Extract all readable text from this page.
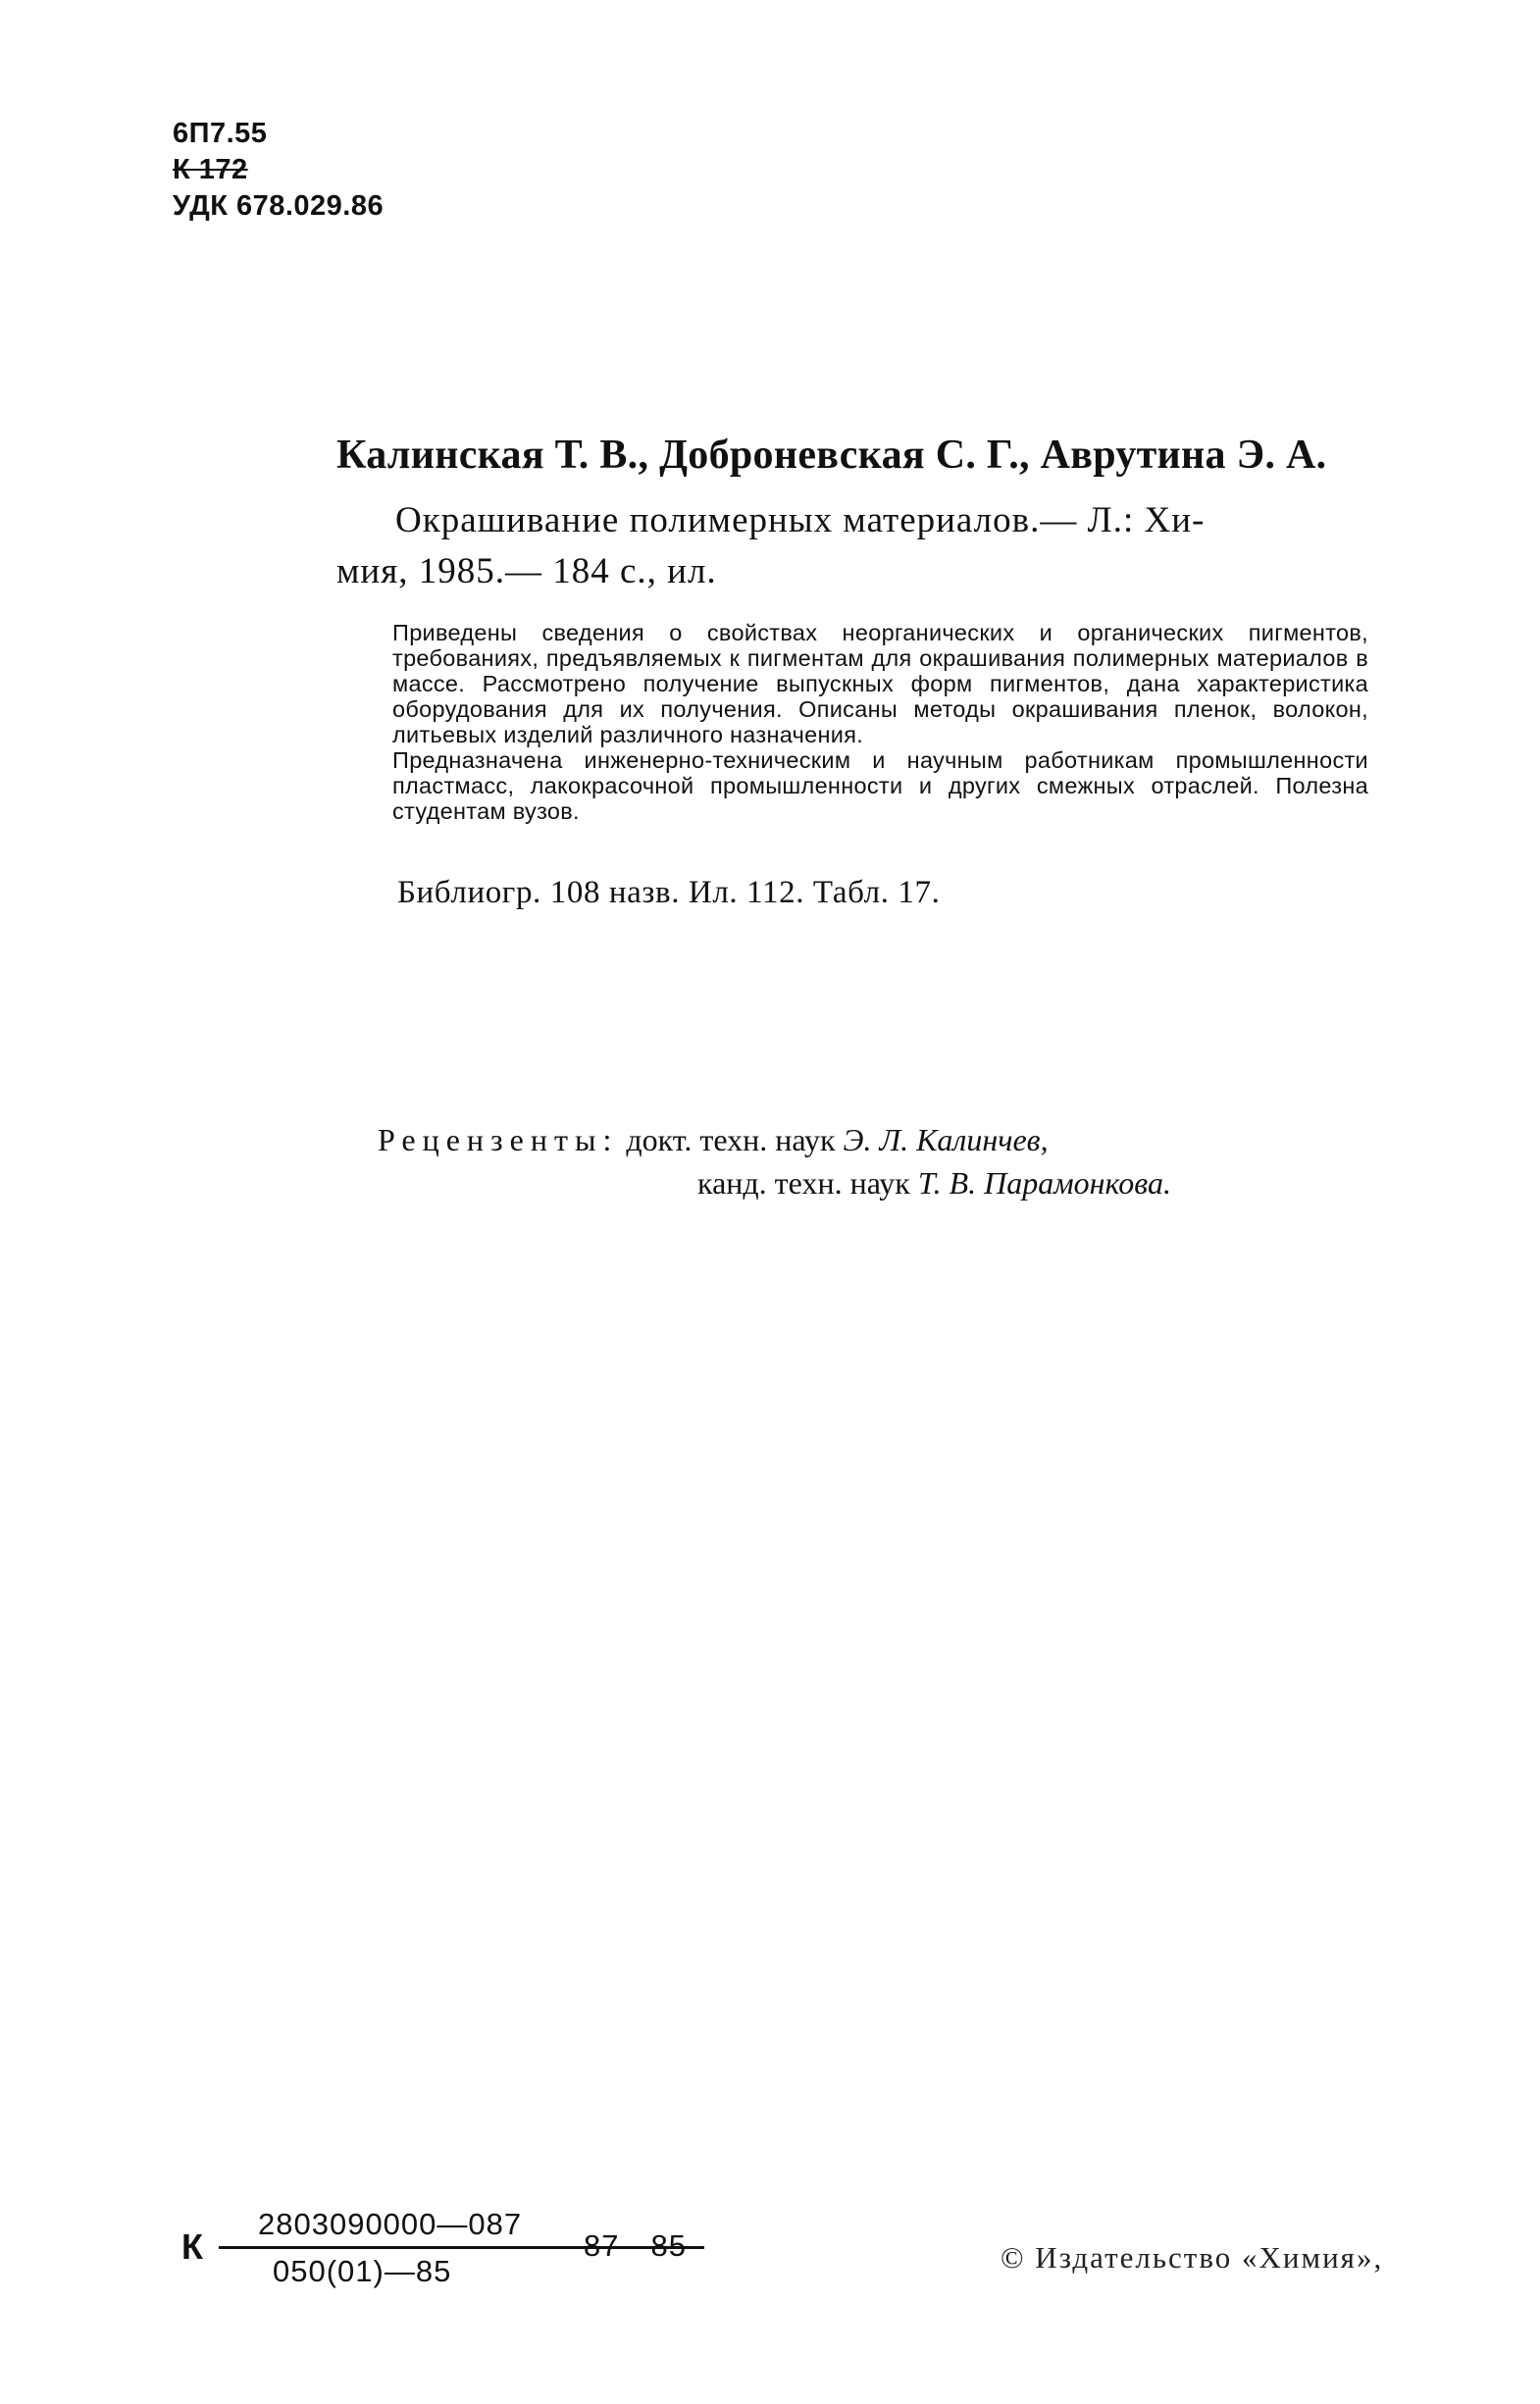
6П7.55
К 172
УДК 678.029.86
Калинская Т. В., Доброневская С. Г., Аврутина Э. А.
Окрашивание полимерных материалов.— Л.: Хи-
мия, 1985.— 184 с., ил.

Приведены сведения о свойствах неорганических и органических пигментов, требованиях, предъявляемых к пигментам для окрашивания полимерных материалов в массе. Рассмотрено получение выпускных форм пигментов, дана характеристика оборудования для их получения. Описаны методы окрашивания пленок, волокон, литьевых изделий различного назначения.

Предназначена инженерно-техническим и научным работникам промышленности пластмасс, лакокрасочной промышленности и других смежных отраслей. Полезна студентам вузов.

Библиогр. 108 назв. Ил. 112. Табл. 17.
Рецензенты: докт. техн. наук Э. Л. Калинчев,
канд. техн. наук Т. В. Парамонкова.
К
2803090000—087
050(01)—85
87—85	© Издательство «Химия»,
